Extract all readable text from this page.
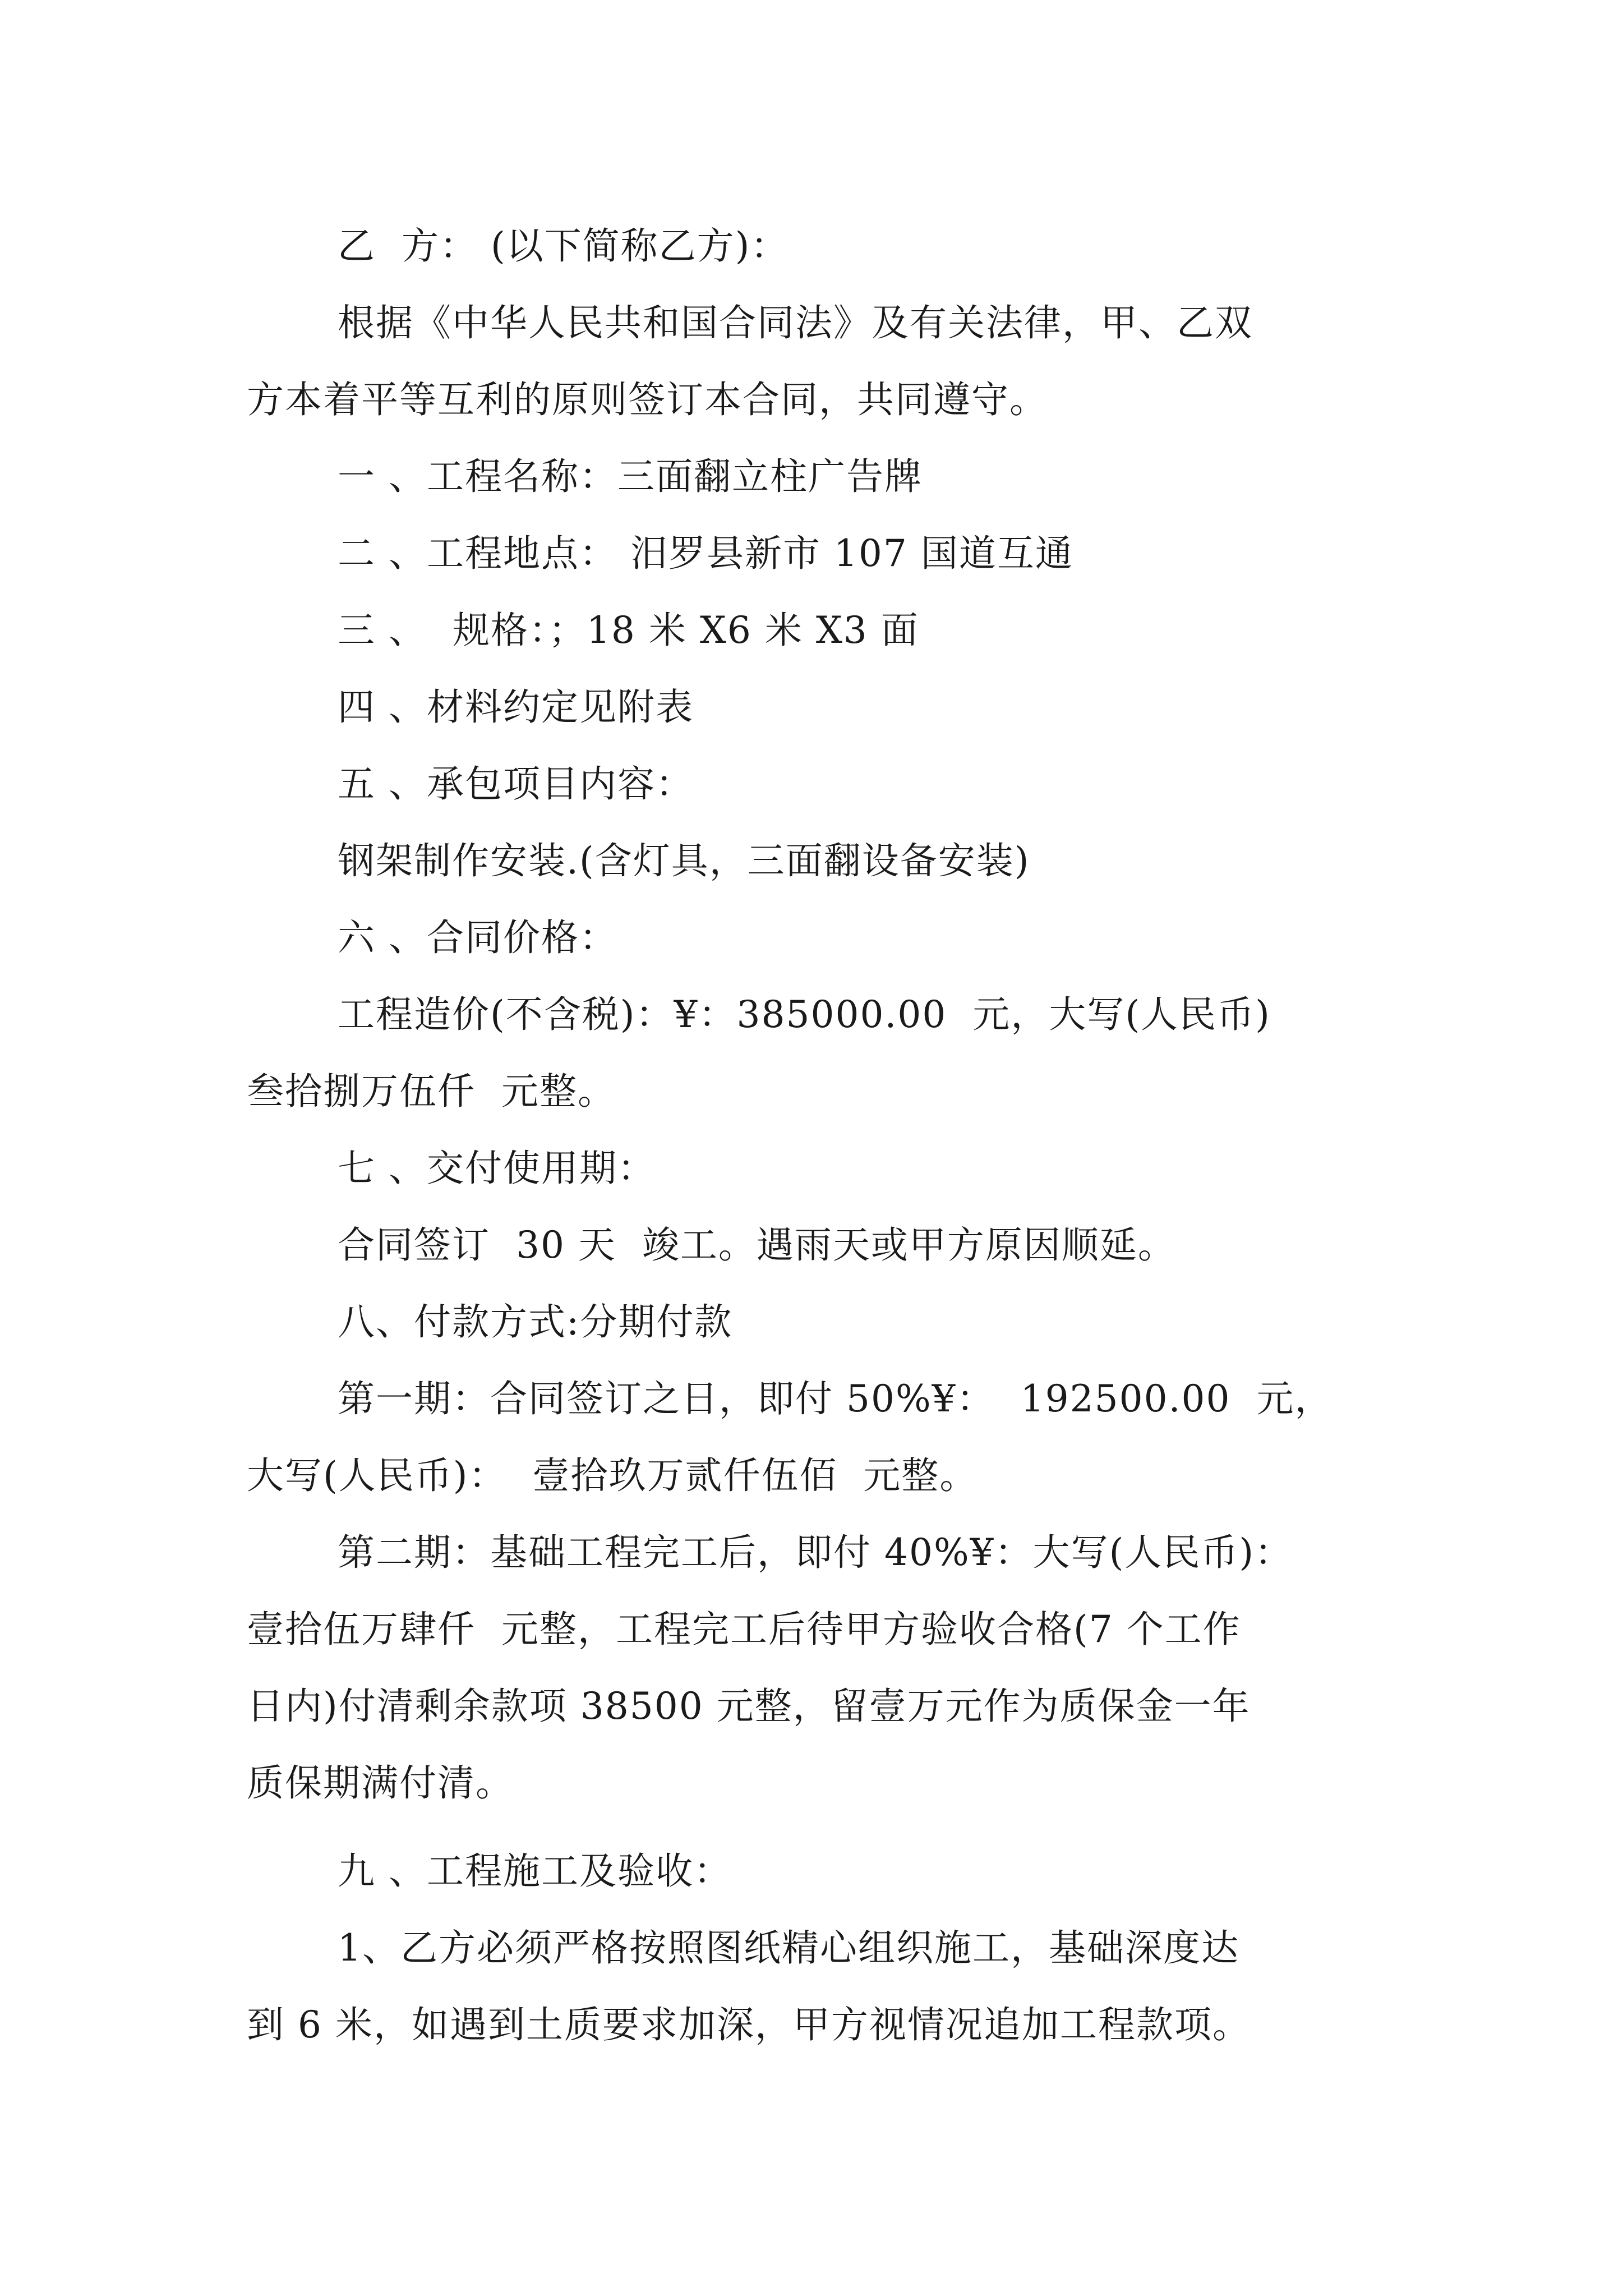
乙  方： (以下简称乙方)：
根据《中华人民共和国合同法》及有关法律，甲、乙双
方本着平等互利的原则签订本合同，共同遵守。
一 、工程名称：三面翻立柱广告牌
二 、工程地点： 汨罗县新市 107 国道互通
三 、  规格：；18 米 X6 米 X3 面
四 、材料约定见附表
五 、承包项目内容：
钢架制作安装.(含灯具，三面翻设备安装)
六 、合同价格：
工程造价(不含税)：¥：385000.00  元，大写(人民币)
叁拾捌万伍仟  元整。
七 、交付使用期：
合同签订  30 天  竣工。遇雨天或甲方原因顺延。
八、付款方式:分期付款
第一期：合同签订之日，即付 50%¥：  192500.00  元，
大写(人民币)：  壹拾玖万贰仟伍佰  元整。
第二期：基础工程完工后，即付 40%¥：大写(人民币)：
壹拾伍万肆仟  元整，工程完工后待甲方验收合格(7 个工作
日内)付清剩余款项 38500 元整，留壹万元作为质保金一年
质保期满付清。
九 、工程施工及验收：
1、乙方必须严格按照图纸精心组织施工，基础深度达
到 6 米，如遇到土质要求加深，甲方视情况追加工程款项。
